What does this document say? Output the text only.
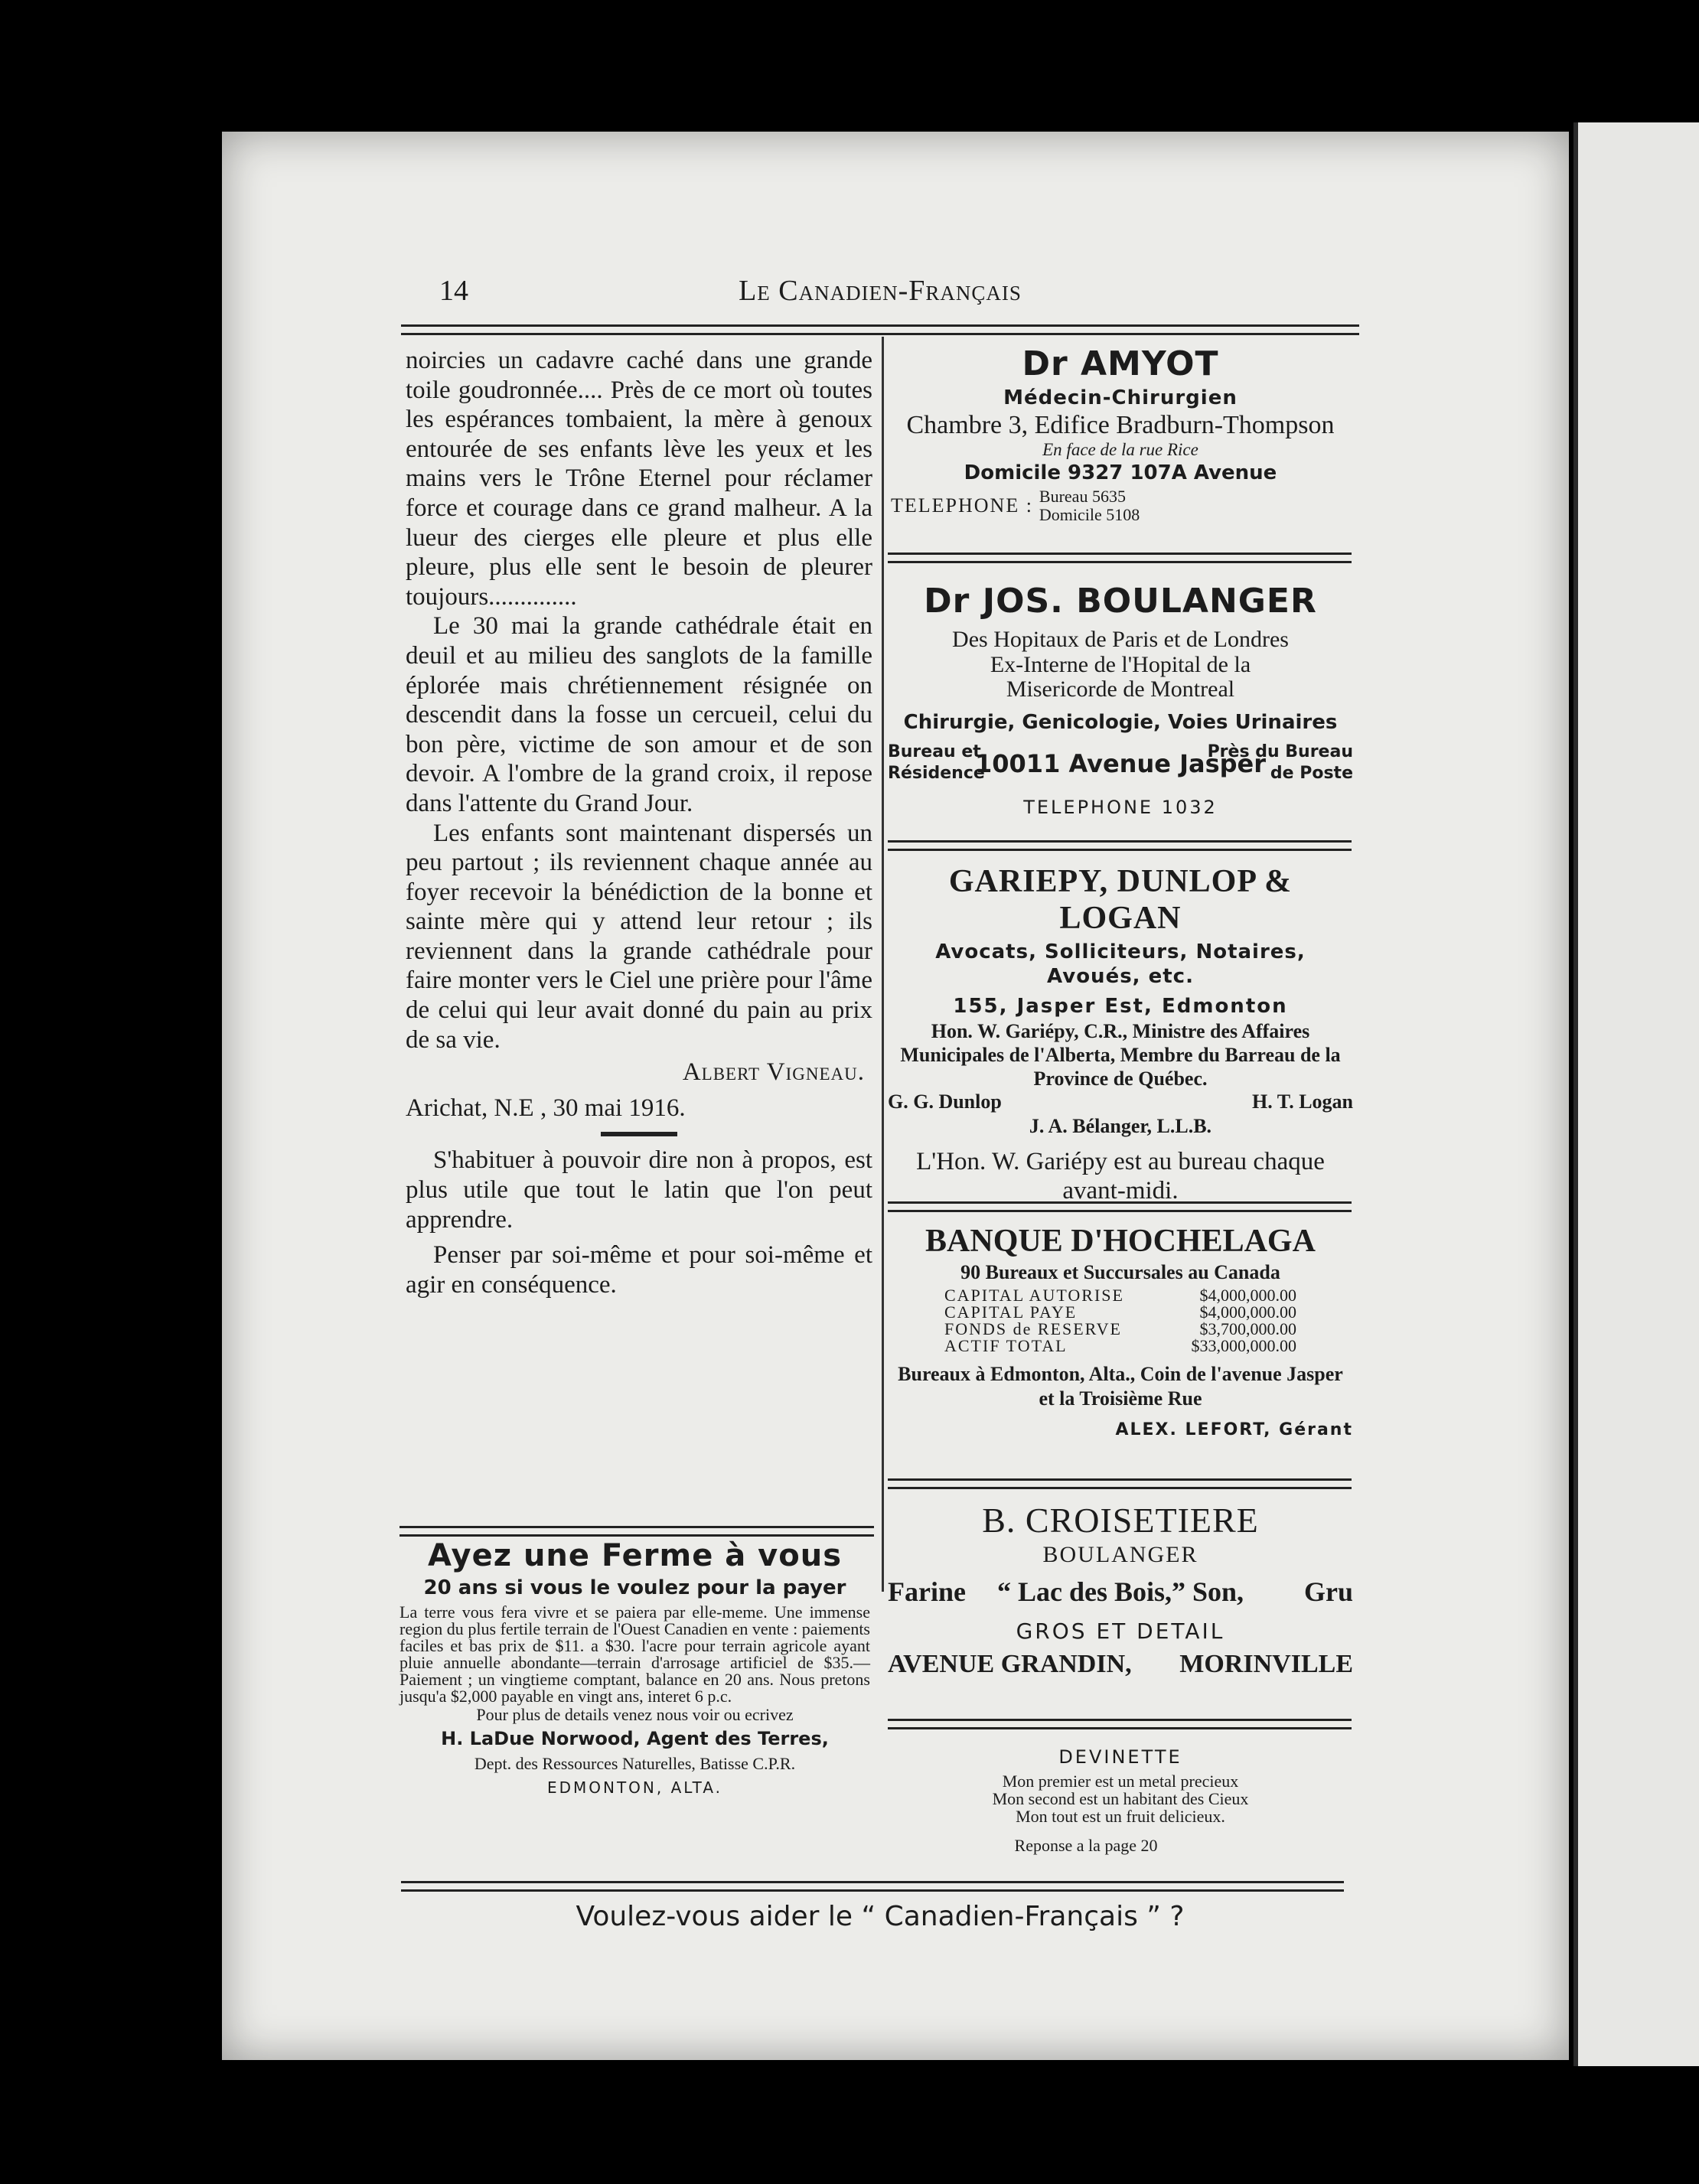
14	Le Canadien-Français

noircies un cadavre caché dans une grande toile goudronnée.... Près de ce mort où toutes les espérances tombaient, la mère à genoux entourée de ses enfants lève les yeux et les mains vers le Trône Eternel pour réclamer force et courage dans ce grand malheur. A la lueur des cierges elle pleure et plus elle pleure, plus elle sent le besoin de pleurer toujours..............

Le 30 mai la grande cathédrale était en deuil et au milieu des sanglots de la famille éplorée mais chrétiennement résignée on descendit dans la fosse un cercueil, celui du bon père, victime de son amour et de son devoir. A l'ombre de la grand croix, il repose dans l'attente du Grand Jour.

Les enfants sont maintenant dispersés un peu partout ; ils reviennent chaque année au foyer recevoir la bénédiction de la bonne et sainte mère qui y attend leur retour ; ils reviennent dans la grande cathédrale pour faire monter vers le Ciel une prière pour l'âme de celui qui leur avait donné du pain au prix de sa vie.

Albert Vigneau.

Arichat, N.E , 30 mai 1916.

S'habituer à pouvoir dire non à propos, est plus utile que tout le latin que l'on peut apprendre.

Penser par soi-même et pour soi-même et agir en conséquence.

Ayez une Ferme à vous
20 ans si vous le voulez pour la payer
La terre vous fera vivre et se paiera par elle-meme. Une immense region du plus fertile terrain de l'Ouest Canadien en vente : paiements faciles et bas prix de $11. a $30. l'acre pour terrain agricole ayant pluie annuelle abondante—terrain d'arrosage artificiel de $35.—Paiement ; un vingtieme comptant, balance en 20 ans. Nous pretons jusqu'a $2,000 payable en vingt ans, interet 6 p.c.
Pour plus de details venez nous voir ou ecrivez
H. LaDue Norwood, Agent des Terres,
Dept. des Ressources Naturelles, Batisse C.P.R.
EDMONTON, ALTA.
Dr AMYOT
Médecin-Chirurgien
Chambre 3, Edifice Bradburn-Thompson
En face de la rue Rice
Domicile 9327 107A Avenue
TELEPHONE : Bureau 5635
Domicile 5108
Dr JOS. BOULANGER
Des Hopitaux de Paris et de Londres
Ex-Interne de l'Hopital de la Misericorde de Montreal
Chirurgie, Genicologie, Voies Urinaires
Bureau et
Résidence
10011 Avenue Jasper
Près du Bureau
de Poste
TELEPHONE 1032
GARIEPY, DUNLOP & LOGAN
Avocats, Solliciteurs, Notaires, Avoués, etc.
155, Jasper Est, Edmonton
Hon. W. Gariépy, C.R., Ministre des Affaires Municipales de l'Alberta, Membre du Barreau de la Province de Québec.
G. G. Dunlop	H. T. Logan
J. A. Bélanger, L.L.B.
L'Hon. W. Gariépy est au bureau chaque avant-midi.
BANQUE D'HOCHELAGA
90 Bureaux et Succursales au Canada
CAPITAL AUTORISE	$4,000,000.00
CAPITAL PAYE	$4,000,000.00
FONDS de RESERVE	$3,700,000.00
ACTIF TOTAL	$33,000,000.00
Bureaux à Edmonton, Alta., Coin de l'avenue Jasper et la Troisième Rue
ALEX. LEFORT, Gérant
B. CROISETIERE
BOULANGER
Farine	“ Lac des Bois,” Son,	Gru
GROS ET DETAIL
AVENUE GRANDIN, MORINVILLE
DEVINETTE
Mon premier est un metal precieux
Mon second est un habitant des Cieux
Mon tout est un fruit delicieux.
Reponse a la page 20
Voulez-vous aider le “ Canadien-Français ” ?
